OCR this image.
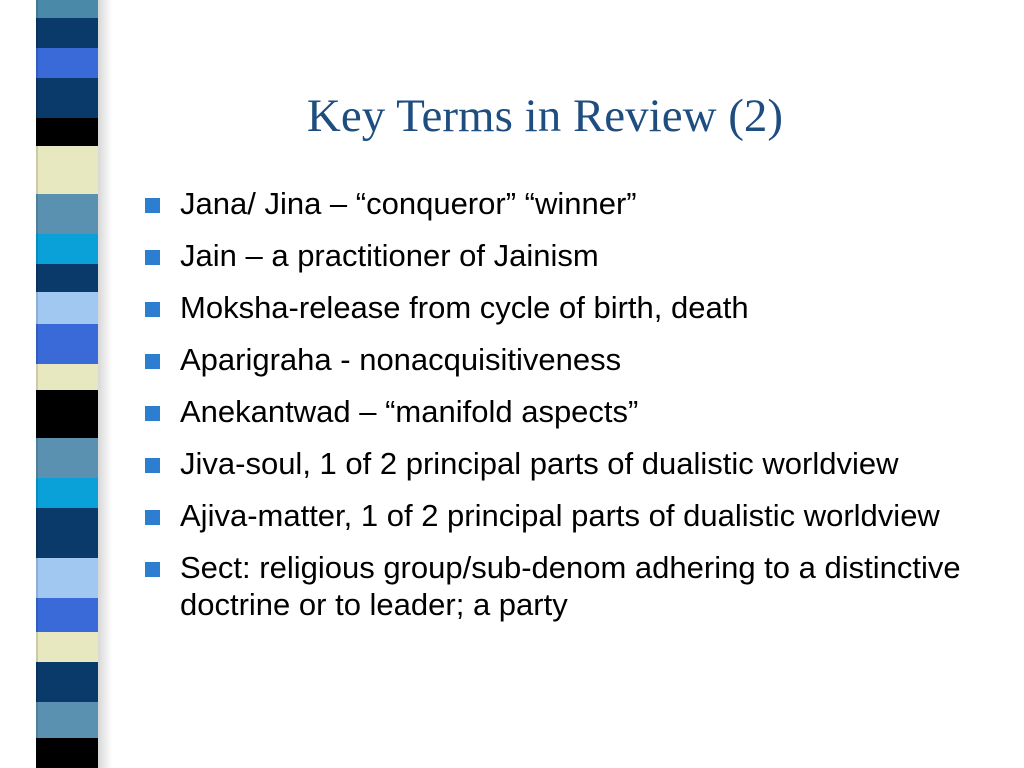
Key Terms in Review (2)
Jana/ Jina – “conqueror” “winner”
Jain – a practitioner of Jainism
Moksha-release from cycle of birth, death
Aparigraha - nonacquisitiveness
Anekantwad – “manifold aspects”
Jiva-soul, 1 of 2 principal parts of dualistic worldview
Ajiva-matter, 1 of 2 principal parts of dualistic worldview
Sect: religious group/sub-denom adhering to a distinctive doctrine or to leader; a party
